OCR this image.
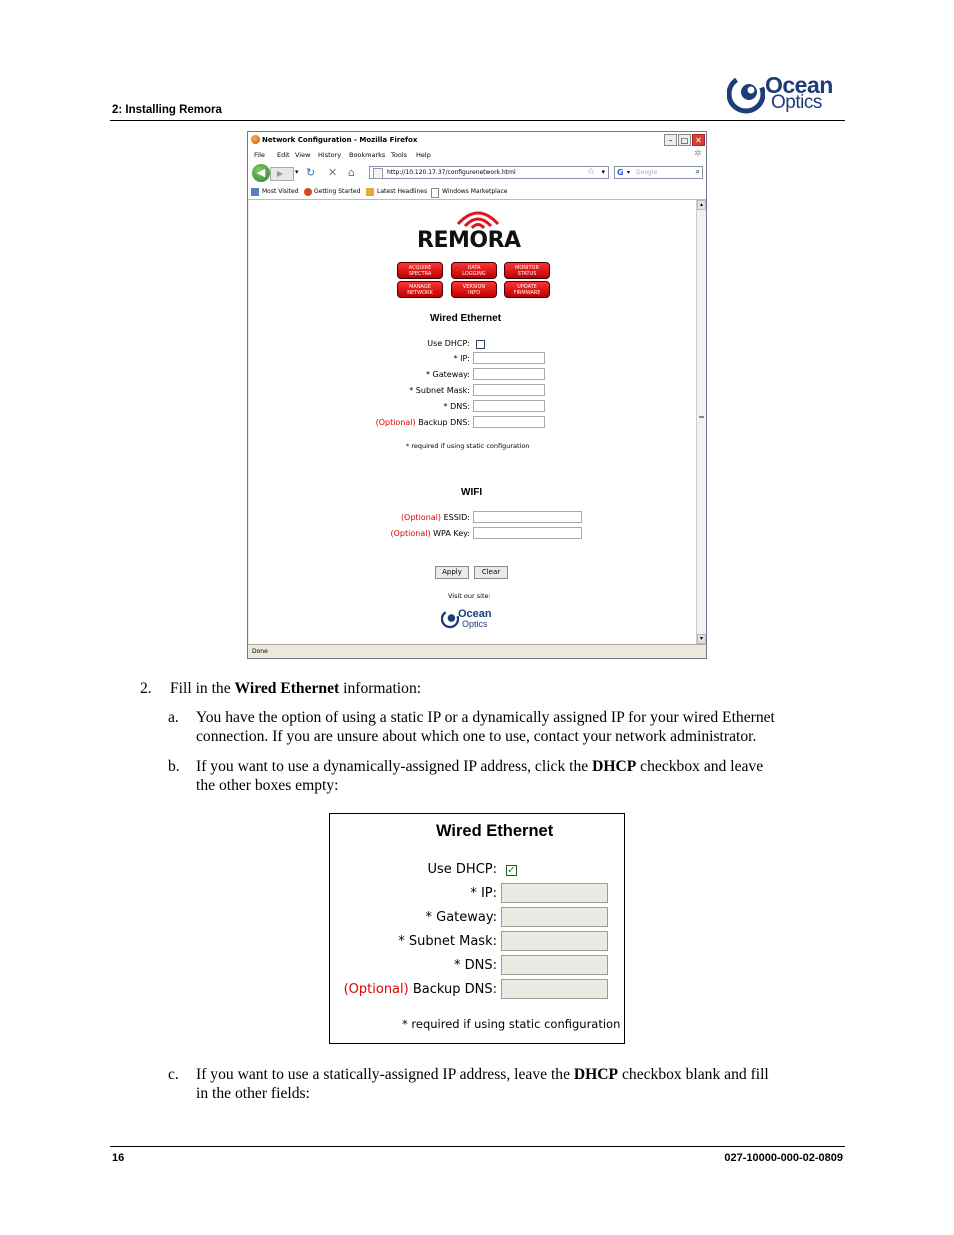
2: Installing Remora
Ocean
Optics
Network Configuration - Mozilla Firefox	–	□ ✕
File Edit View History Bookmarks Tools Help	✲
◀	▶	▾ ↻ ✕ ⌂	http://10.120.17.37/configurenetwork.html	☆ ▾ G ▾ Google	⌕
Most Visited	Getting Started	Latest Headlines Windows Marketplace
REMORA
ACQUIRE
SPECTRA
DATA
LOGGING
MONITOR
STATUS
MANAGE
NETWORK
VERSION
INFO
UPDATE
FIRMWARE
Wired Ethernet
Use DHCP:
* IP:
* Gateway:
* Subnet Mask:
* DNS:
(Optional) Backup DNS:
* required if using static configuration
WIFI
(Optional) ESSID:
(Optional) WPA Key:
Apply	Clear
Visit our site:
Ocean
Optics
▴
▾
Done
2. Fill in the Wired Ethernet information:
a. You have the option of using a static IP or a dynamically assigned IP for your wired Ethernet
connection. If you are unsure about which one to use, contact your network administrator.
b. If you want to use a dynamically-assigned IP address, click the DHCP checkbox and leave
the other boxes empty:
Wired Ethernet
Use DHCP: ✓
* IP:
* Gateway:
* Subnet Mask:
* DNS:
(Optional) Backup DNS:
* required if using static configuration
c. If you want to use a statically-assigned IP address, leave the DHCP checkbox blank and fill
in the other fields:
16	027-10000-000-02-0809
